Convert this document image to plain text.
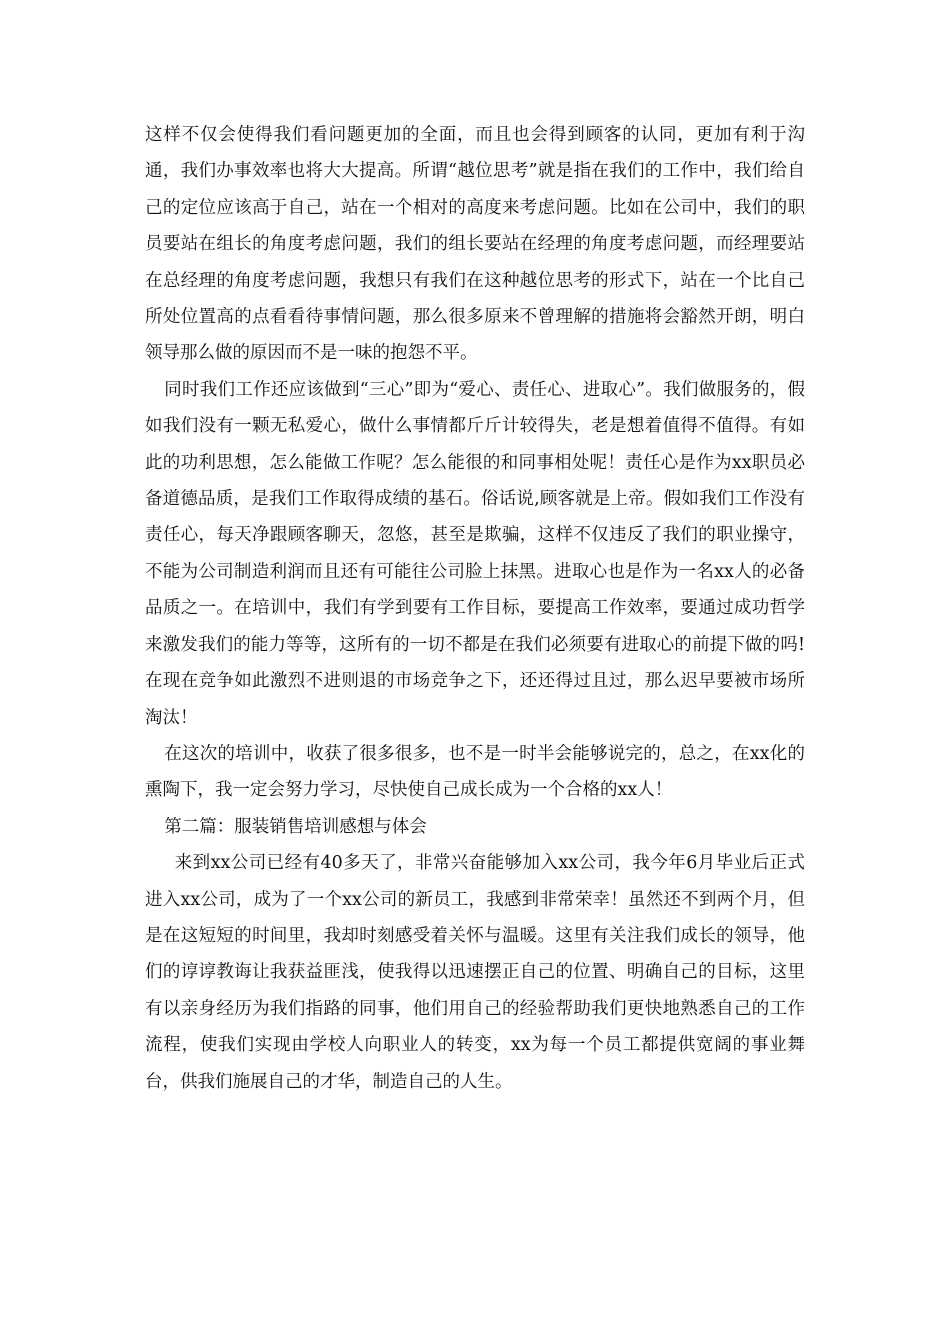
这样不仅会使得我们看问题更加的全面，而且也会得到顾客的认同，更加有利于沟通，我们办事效率也将大大提高。所谓“越位思考”就是指在我们的工作中，我们给自己的定位应该高于自己，站在一个相对的高度来考虑问题。比如在公司中，我们的职员要站在组长的角度考虑问题，我们的组长要站在经理的角度考虑问题，而经理要站在总经理的角度考虑问题，我想只有我们在这种越位思考的形式下，站在一个比自己所处位置高的点看看待事情问题，那么很多原来不曾理解的措施将会豁然开朗，明白领导那么做的原因而不是一味的抱怨不平。

同时我们工作还应该做到“三心”即为“爱心、责任心、进取心”。我们做服务的，假如我们没有一颗无私爱心，做什么事情都斤斤计较得失，老是想着值得不值得。有如此的功利思想，怎么能做工作呢？怎么能很的和同事相处呢！责任心是作为xx职员必备道德品质，是我们工作取得成绩的基石。俗话说,顾客就是上帝。假如我们工作没有责任心，每天净跟顾客聊天，忽悠，甚至是欺骗，这样不仅违反了我们的职业操守，不能为公司制造利润而且还有可能往公司脸上抹黑。进取心也是作为一名xx人的必备品质之一。在培训中，我们有学到要有工作目标，要提高工作效率，要通过成功哲学来激发我们的能力等等，这所有的一切不都是在我们必须要有进取心的前提下做的吗!在现在竞争如此激烈不进则退的市场竞争之下，还还得过且过，那么迟早要被市场所淘汰！

在这次的培训中，收获了很多很多，也不是一时半会能够说完的，总之，在xx化的熏陶下，我一定会努力学习，尽快使自己成长成为一个合格的xx人！

第二篇：服装销售培训感想与体会

来到xx公司已经有40多天了，非常兴奋能够加入xx公司，我今年6月毕业后正式进入xx公司，成为了一个xx公司的新员工，我感到非常荣幸！虽然还不到两个月，但是在这短短的时间里，我却时刻感受着关怀与温暖。这里有关注我们成长的领导，他们的谆谆教诲让我获益匪浅，使我得以迅速摆正自己的位置、明确自己的目标，这里有以亲身经历为我们指路的同事，他们用自己的经验帮助我们更快地熟悉自己的工作流程，使我们实现由学校人向职业人的转变，xx为每一个员工都提供宽阔的事业舞台，供我们施展自己的才华，制造自己的人生。
